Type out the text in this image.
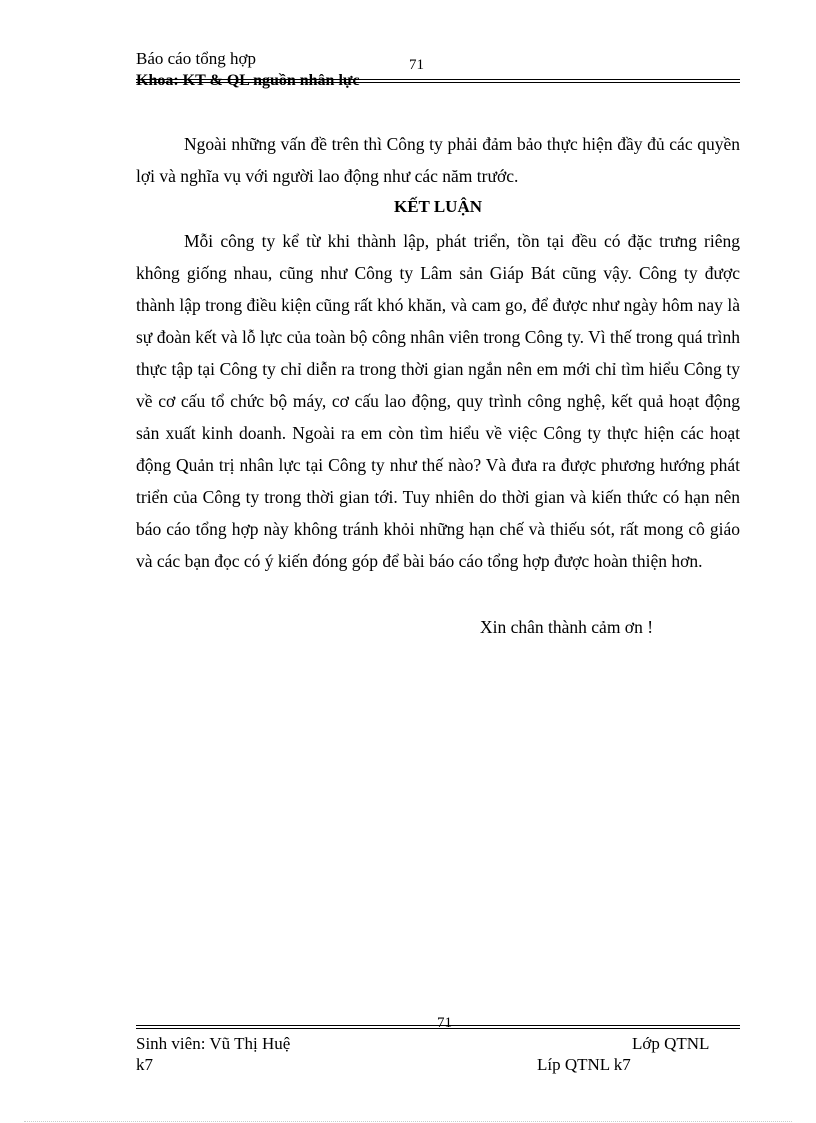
Báo cáo tổng hợp	71
Khoa: KT & QL nguồn nhân lực

Ngoài những vấn đề trên thì Công ty phải đảm bảo thực hiện đầy đủ các quyền lợi và nghĩa vụ với người lao động như các năm trước.

KẾT LUẬN

Mỗi công ty kể từ khi thành lập, phát triển, tồn tại đều có đặc trưng riêng không giống nhau, cũng như Công ty Lâm sản Giáp Bát cũng vậy. Công ty được thành lập trong điều kiện cũng rất khó khăn, và cam go, để được như ngày hôm nay là sự đoàn kết và lỗ lực của toàn bộ công nhân viên trong Công ty. Vì thế trong quá trình thực tập tại Công ty chỉ diễn ra trong thời gian ngắn nên em mới chỉ tìm hiểu Công ty về cơ cấu tổ chức bộ máy, cơ cấu lao động, quy trình công nghệ, kết quả hoạt động sản xuất kinh doanh. Ngoài ra em còn tìm hiểu về việc Công ty thực hiện các hoạt động Quản trị nhân lực tại Công ty như thế nào? Và đưa ra được phương hướng phát triển của Công ty trong thời gian tới. Tuy nhiên do thời gian và kiến thức có hạn nên báo cáo tổng hợp này không tránh khỏi những hạn chế và thiếu sót, rất mong cô giáo và các bạn đọc có ý kiến đóng góp để bài báo cáo tổng hợp được hoàn thiện hơn.

Xin chân thành cảm ơn !
71
Sinh viên: Vũ Thị Huệ	Lớp QTNL
k7	Líp QTNL k7
